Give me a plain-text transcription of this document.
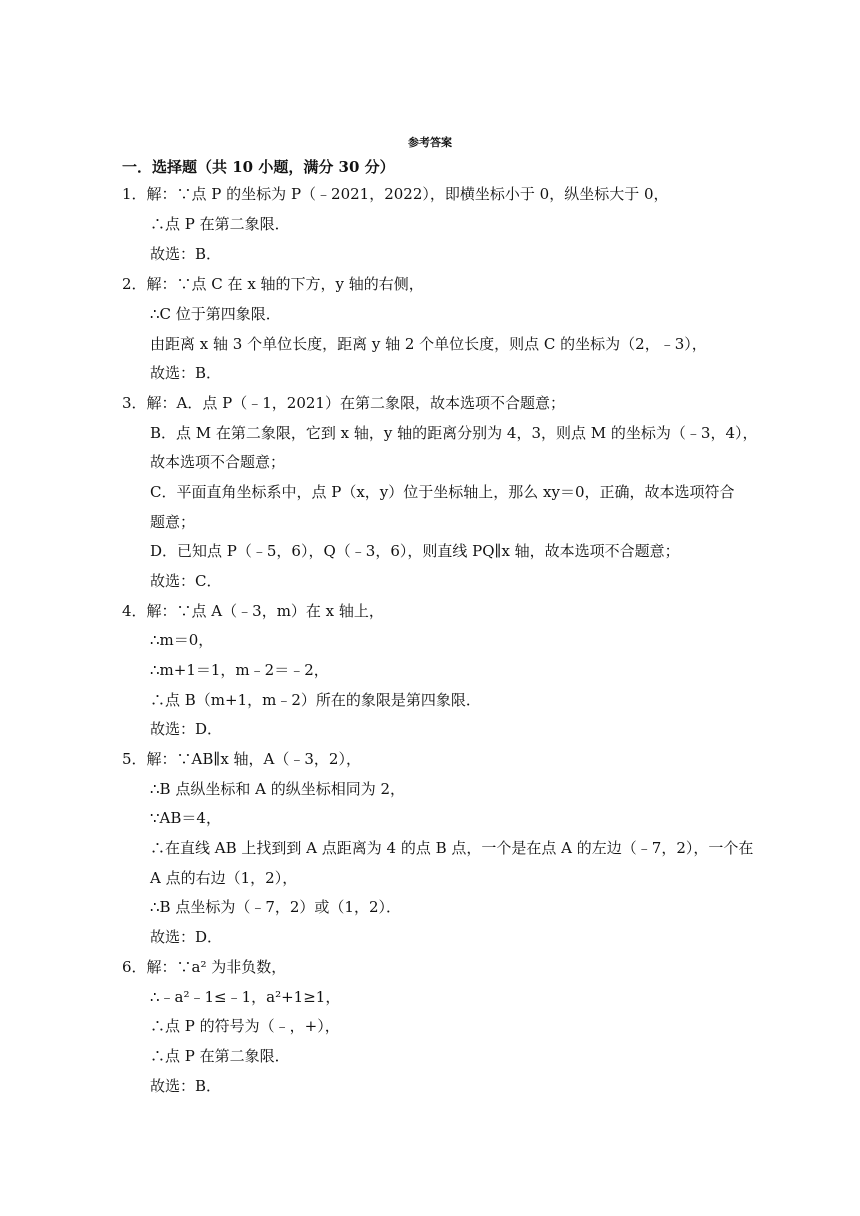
参考答案
一．选择题（共 10 小题，满分 30 分）
1．解：∵点 P 的坐标为 P（﹣2021，2022），即横坐标小于 0，纵坐标大于 0，
∴点 P 在第二象限．
故选：B．
2．解：∵点 C 在 x 轴的下方，y 轴的右侧，
∴C 位于第四象限．
由距离 x 轴 3 个单位长度，距离 y 轴 2 个单位长度，则点 C 的坐标为（2，﹣3），
故选：B．
3．解：A．点 P（﹣1，2021）在第二象限，故本选项不合题意；
B．点 M 在第二象限，它到 x 轴，y 轴的距离分别为 4，3，则点 M 的坐标为（﹣3，4），
故本选项不合题意；
C．平面直角坐标系中，点 P（x，y）位于坐标轴上，那么 xy＝0，正确，故本选项符合
题意；
D．已知点 P（﹣5，6），Q（﹣3，6），则直线 PQ∥x 轴，故本选项不合题意；
故选：C．
4．解：∵点 A（﹣3，m）在 x 轴上，
∴m＝0，
∴m+1＝1，m﹣2＝﹣2，
∴点 B（m+1，m﹣2）所在的象限是第四象限．
故选：D．
5．解：∵AB∥x 轴，A（﹣3，2），
∴B 点纵坐标和 A 的纵坐标相同为 2，
∵AB＝4，
∴在直线 AB 上找到到 A 点距离为 4 的点 B 点，一个是在点 A 的左边（﹣7，2），一个在
A 点的右边（1，2），
∴B 点坐标为（﹣7，2）或（1，2）．
故选：D．
6．解：∵a² 为非负数，
∴﹣a²﹣1≤﹣1，a²+1≥1，
∴点 P 的符号为（﹣，+），
∴点 P 在第二象限．
故选：B．
